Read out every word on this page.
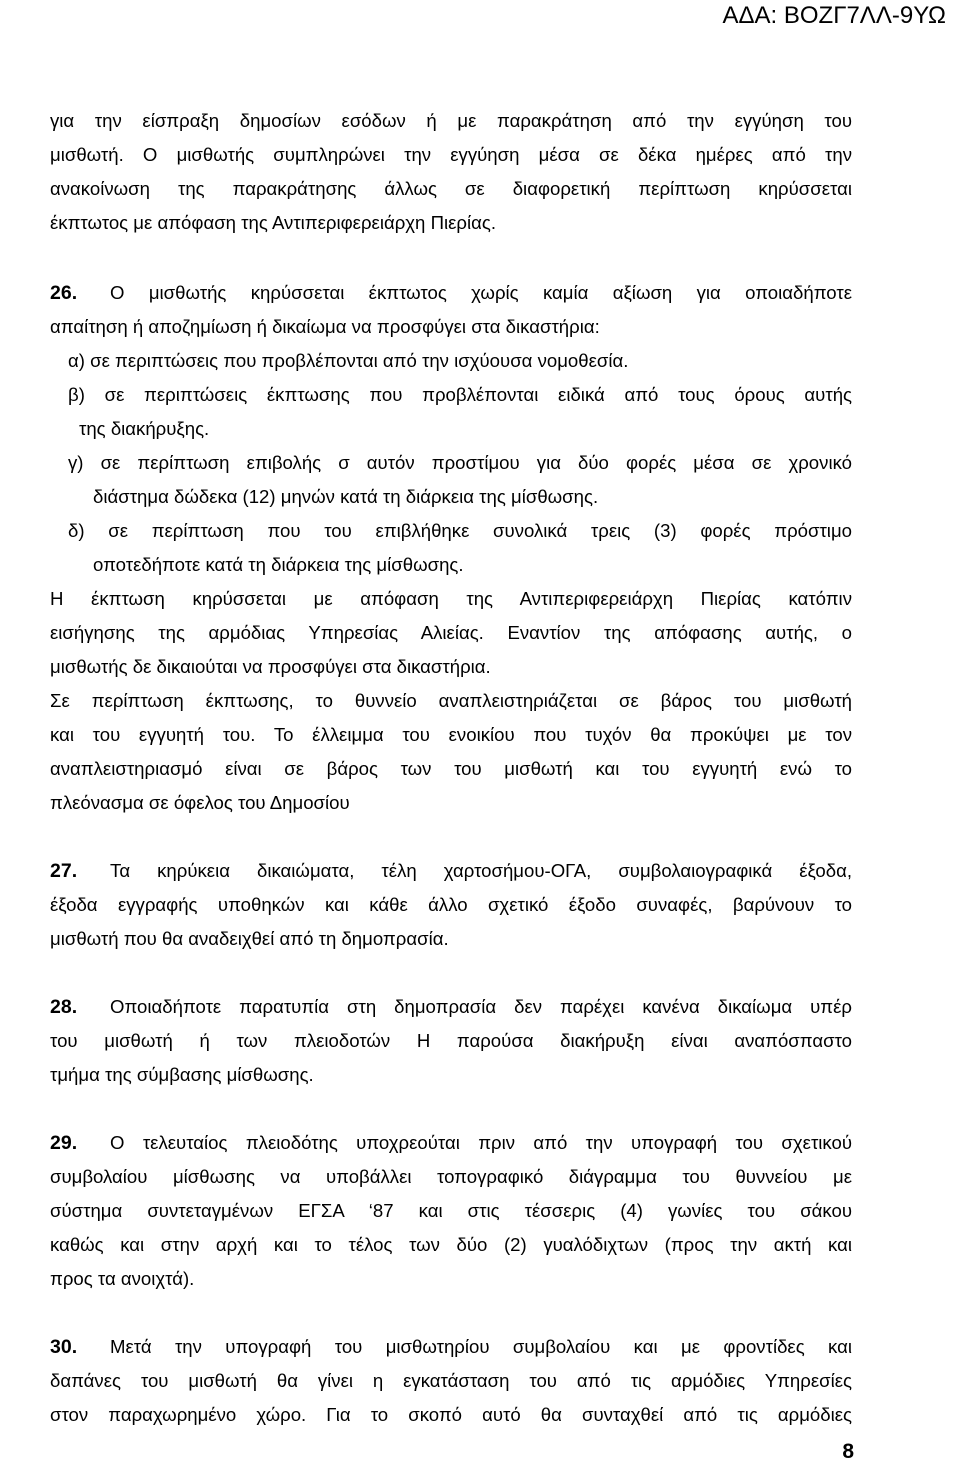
ΑΔΑ: ΒΟΖΓ7ΛΛ-9ΥΩ
για την είσπραξη δημοσίων εσόδων ή με παρακράτηση από την εγγύηση του
μισθωτή. Ο μισθωτής συμπληρώνει την εγγύηση μέσα σε δέκα ημέρες από την
ανακοίνωση της παρακράτησης άλλως σε διαφορετική περίπτωση κηρύσσεται
έκπτωτος με απόφαση της Αντιπεριφερειάρχη Πιερίας.
26. Ο μισθωτής κηρύσσεται έκπτωτος χωρίς καμία αξίωση για οποιαδήποτε
απαίτηση ή αποζημίωση ή δικαίωμα να προσφύγει στα δικαστήρια:
α) σε περιπτώσεις που προβλέπονται από την ισχύουσα νομοθεσία.
β) σε περιπτώσεις έκπτωσης που προβλέπονται ειδικά από τους όρους αυτής
της διακήρυξης.
γ) σε περίπτωση επιβολής σ αυτόν προστίμου για δύο φορές μέσα σε χρονικό
διάστημα δώδεκα (12) μηνών κατά τη διάρκεια της μίσθωσης.
δ) σε περίπτωση που του επιβλήθηκε συνολικά τρεις (3) φορές πρόστιμο
οποτεδήποτε κατά τη διάρκεια της μίσθωσης.
Η έκπτωση κηρύσσεται με απόφαση της Αντιπεριφερειάρχη Πιερίας κατόπιν
εισήγησης της αρμόδιας Υπηρεσίας Αλιείας. Εναντίον της απόφασης αυτής, ο
μισθωτής δε δικαιούται να προσφύγει στα δικαστήρια.
Σε περίπτωση έκπτωσης, το θυννείο αναπλειστηριάζεται σε βάρος του μισθωτή
και του εγγυητή του. Το έλλειμμα του ενοικίου που τυχόν θα προκύψει με τον
αναπλειστηριασμό είναι σε βάρος των του μισθωτή και του εγγυητή ενώ το
πλεόνασμα σε όφελος του Δημοσίου
27. Τα κηρύκεια δικαιώματα, τέλη χαρτοσήμου-ΟΓΑ, συμβολαιογραφικά έξοδα,
έξοδα εγγραφής υποθηκών και κάθε άλλο σχετικό έξοδο συναφές, βαρύνουν το
μισθωτή που θα αναδειχθεί από τη δημοπρασία.
28. Οποιαδήποτε παρατυπία στη δημοπρασία δεν παρέχει κανένα δικαίωμα υπέρ
του μισθωτή ή των πλειοδοτών Η παρούσα διακήρυξη είναι αναπόσπαστο
τμήμα της σύμβασης μίσθωσης.
29. Ο τελευταίος πλειοδότης υποχρεούται πριν από την υπογραφή του σχετικού
συμβολαίου μίσθωσης να υποβάλλει τοπογραφικό διάγραμμα του θυννείου με
σύστημα συντεταγμένων ΕΓΣΑ ‘87 και στις τέσσερις (4) γωνίες του σάκου
καθώς και στην αρχή και το τέλος των δύο (2) γυαλόδιχτων (προς την ακτή και
προς τα ανοιχτά).
30. Μετά την υπογραφή του μισθωτηρίου συμβολαίου και με φροντίδες και
δαπάνες του μισθωτή θα γίνει η εγκατάσταση του από τις αρμόδιες Υπηρεσίες
στον παραχωρημένο χώρο. Για το σκοπό αυτό θα συνταχθεί από τις αρμόδιες
8
